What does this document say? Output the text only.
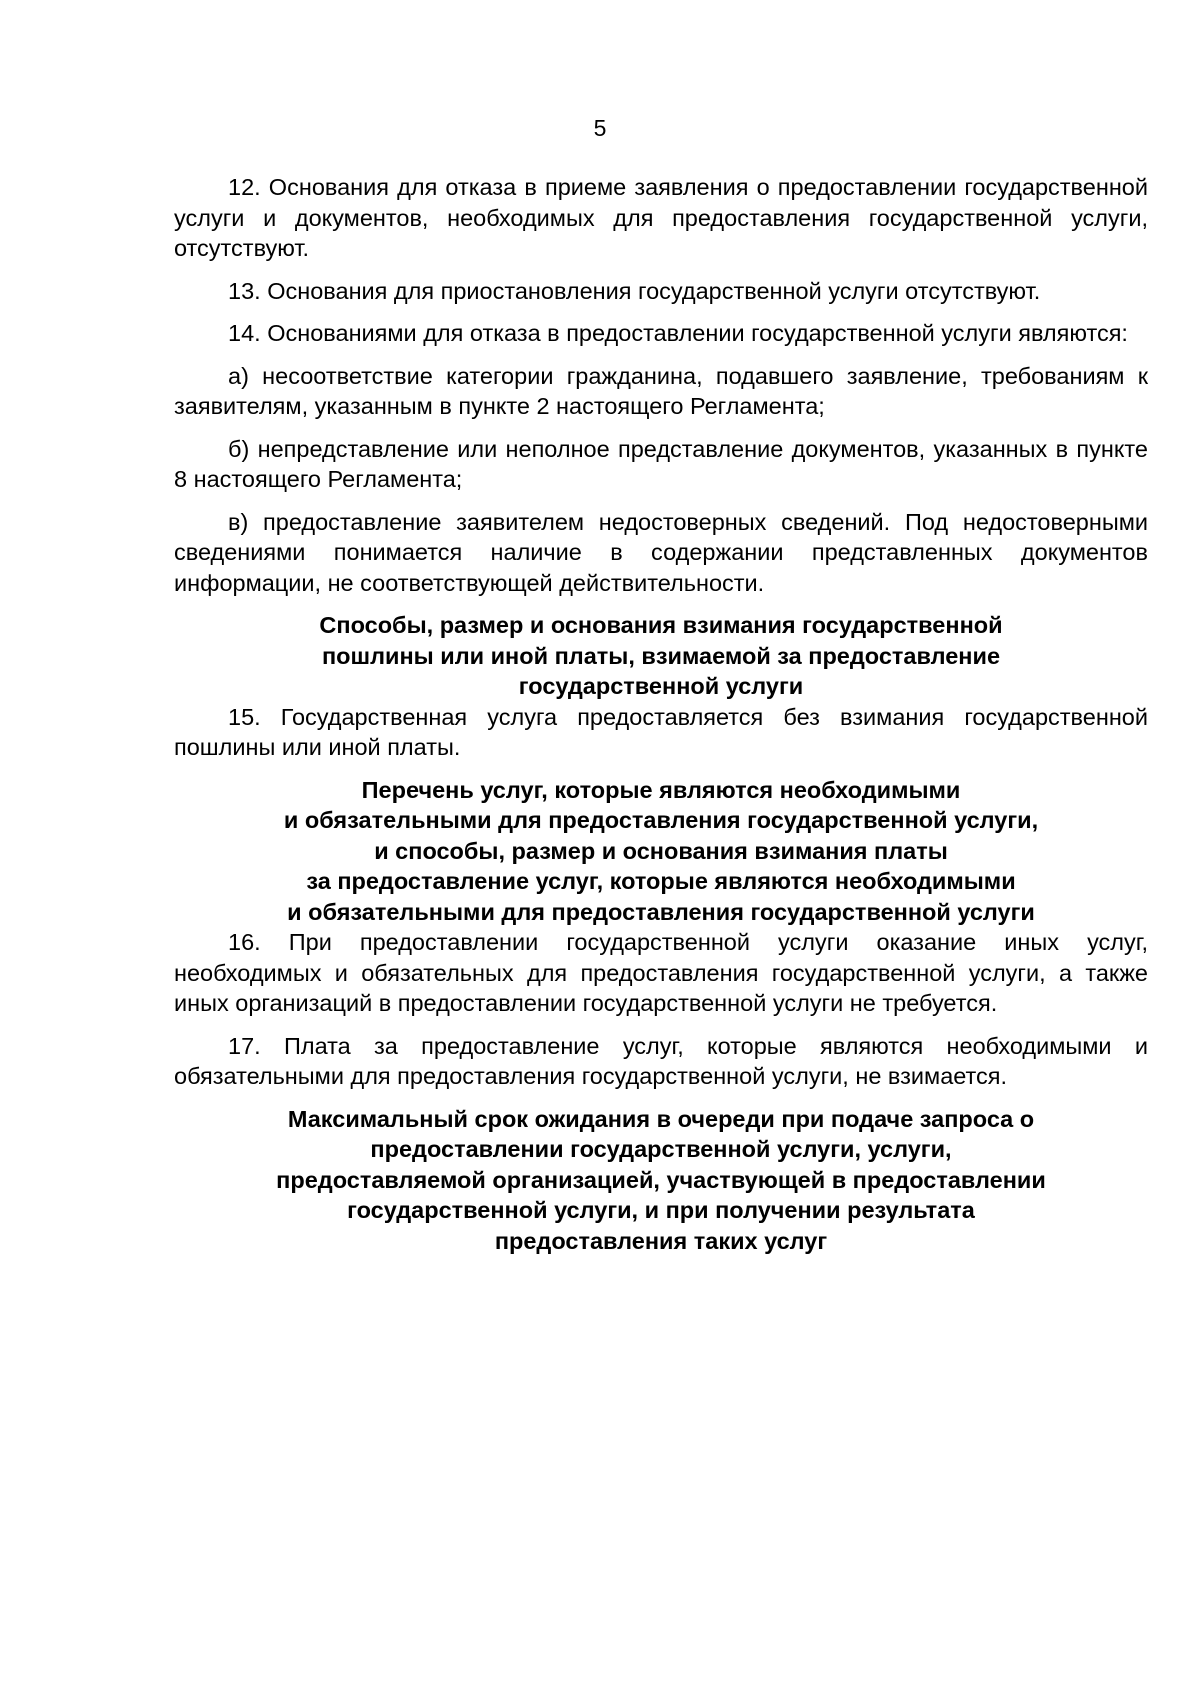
5

12. Основания для отказа в приеме заявления о предоставлении государственной услуги и документов, необходимых для предоставления государственной услуги, отсутствуют.

13. Основания для приостановления государственной услуги отсутствуют.

14. Основаниями для отказа в предоставлении государственной услуги являются:

а) несоответствие категории гражданина, подавшего заявление, требованиям к заявителям, указанным в пункте 2 настоящего Регламента;

б) непредставление или неполное представление документов, указанных в пункте 8 настоящего Регламента;

в) предоставление заявителем недостоверных сведений. Под недостоверными сведениями понимается наличие в содержании представленных документов информации, не соответствующей действительности.

Способы, размер и основания взимания государственной
пошлины или иной платы, взимаемой за предоставление
государственной услуги

15. Государственная услуга предоставляется без взимания государственной пошлины или иной платы.

Перечень услуг, которые являются необходимыми
и обязательными для предоставления государственной услуги,
и способы, размер и основания взимания платы
за предоставление услуг, которые являются необходимыми
и обязательными для предоставления государственной услуги

16. При предоставлении государственной услуги оказание иных услуг, необходимых и обязательных для предоставления государственной услуги, а также иных организаций в предоставлении государственной услуги не требуется.

17. Плата за предоставление услуг, которые являются необходимыми и обязательными для предоставления государственной услуги, не взимается.

Максимальный срок ожидания в очереди при подаче запроса о
предоставлении государственной услуги, услуги,
предоставляемой организацией, участвующей в предоставлении
государственной услуги, и при получении результата
предоставления таких услуг
